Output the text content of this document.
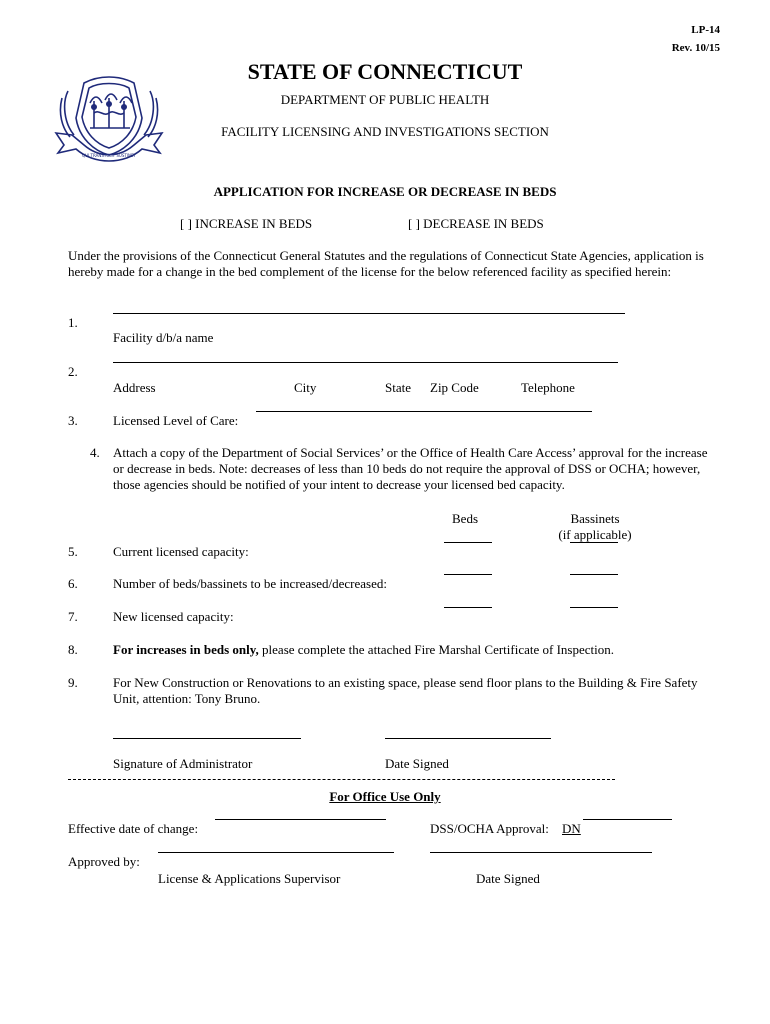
LP-14
Rev. 10/15
QUI TRANSTULIT SUSTINET
STATE OF CONNECTICUT
DEPARTMENT OF PUBLIC HEALTH
FACILITY LICENSING AND INVESTIGATIONS SECTION
APPLICATION FOR INCREASE OR DECREASE IN BEDS
[ ] INCREASE IN BEDS	[ ] DECREASE IN BEDS
Under the provisions of the Connecticut General Statutes and the regulations of Connecticut State Agencies, application is hereby made for a change in the bed complement of the license for the below referenced facility as specified herein:
1.
Facility d/b/a name
2.
Address	City	State Zip Code	Telephone
3.	Licensed Level of Care:
4. Attach a copy of the Department of Social Services’ or the Office of Health Care Access’ approval for the increase or decrease in beds. Note: decreases of less than 10 beds do not require the approval of DSS or OCHA; however, those agencies should be notified of your intent to decrease your licensed bed capacity.
Beds	Bassinets
(if applicable)
5.	Current licensed capacity:
6.	Number of beds/bassinets to be increased/decreased:
7.	New licensed capacity:
8.	For increases in beds only, please complete the attached Fire Marshal Certificate of Inspection.
9.	For New Construction or Renovations to an existing space, please send floor plans to the Building & Fire Safety Unit, attention: Tony Bruno.
Signature of Administrator	Date Signed
For Office Use Only
Effective date of change:	DSS/OCHA Approval: DN
Approved by:
License & Applications Supervisor	Date Signed
